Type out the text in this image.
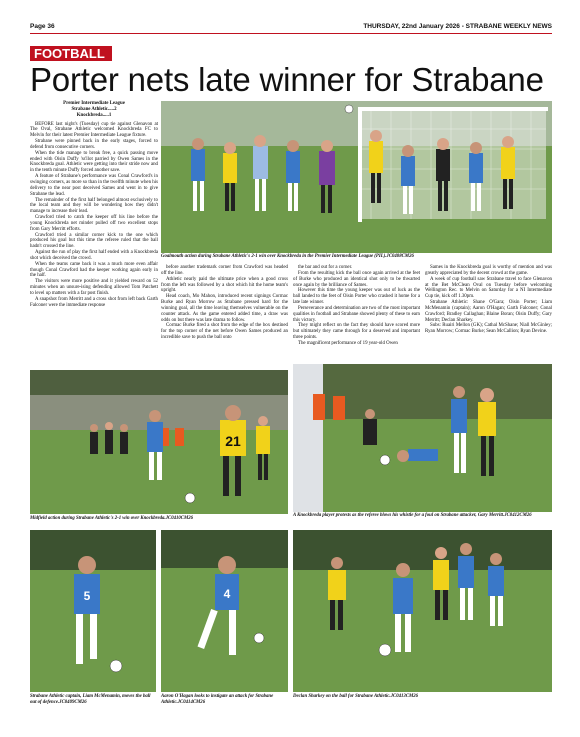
Page 36	THURSDAY, 22nd January 2026 - STRABANE WEEKLY NEWS
FOOTBALL
Porter nets late winner for Strabane

Premier Intermediate League

Strabane Athletic.....2

Knockbreda.....1

BEFORE last night's (Tuesday) cup tie against Glenavon at The Oval, Strabane Athletic welcomed Knockbreda FC to Melvin for their latest Premier Intermediate League fixture.

Strabane were pinned back in the early stages, forced to defend from consecutive corners.

When the tide manage to break free, a quick passing move ended with Oisin Duffy 'ss'llot parried by Owen Sames in the Knockbreda goal. Athletic were getting into their stride now and in the tenth minute Duffy forced another save.

A feature of Strabane's performance was Conal Crawford's in swinging corners, as more so than in the twelfth minute when his delivery to the near post deceived Sames and went in to give Strabane the lead.

The remainder of the first half belonged almost exclusively to the local team and they will be wondering how they didn't manage to increase their lead.

Crawford tried to catch the keeper off his line before the young Knockbreda net minder pulled off two excellent stops from Gary Merritt efforts.

Crawford tried a similar corner kick to the one which produced his goal but this time the referee ruled that the ball hadn't crossed the line.

Against the run of play the first half ended with a Knockbreda shot which deceived the crowd.

When the teams came back it was a much more even affair though Conal Crawford had the keeper working again early in the half.

The visitors were more positive and it yielded reward on 52 minutes when an unsure-ising defending allowed Tom Patchett to level up matters with a far post finish.

A snapshot from Merritt and a cross shot from left back Garth Falconer were the immediate response

Goalmouth action during Strabane Athletic's 2-1 win over Knockbreda in the Premier Intermediate League (PIL).JC0408CM26

before another trademark corner from Crawford was headed off the line.

Athletic nearly paid the ultimate price when a good cross from the left was followed by a shot which hit the home team's upright.

Head coach, Mo Mahon, introduced recent signings Cormac Burke and Ryan Morrow as Strabane pressed hard for the winning goal, all the time leaving themselves vulnerable on the counter attack. As the game entered added time, a draw was odds on but there was late drama to follow.

Cormac Burke fired a shot from the edge of the box destined for the top corner of the net before Owen Sames produced an incredible save to push the ball onto

the bar and out for a corner.

From the resulting kick the ball once again arrived at the feet of Burke who produced an identical shot only to be thwarted once again by the brilliance of Sames.

However this time the young keeper was out of luck as the ball landed to the feet of Oisin Porter who crashed it home for a late late winner.

Perseverance and determination are two of the most important qualities in football and Strabane showed plenty of these to earn this victory.

They might reflect on the fact they should have scored more but ultimately they came through for a deserved and important three points.

The magnificent performance of 19 year-old Owen

Sames in the Knockbreda goal is worthy of mention and was greatly appreciated by the decent crowd at the game.

A week of cup football saw Strabane travel to face Glenavon at the Bet McClean Oval on Tuesday before welcoming Wellington Rec. to Melvin on Saturday for a NI Intermediate Cup tie, kick off 1.30pm.

Strabane Athletic: Shane O'Gara; Oisin Porter; Liam McMenamin (captain); Aaron O'Hagan; Garth Falconer; Conal Crawford; Bradley Callaghan; Blaine Boran; Oisin Duffy; Gary Merritt; Declan Sharkey.

Subs: Ruairi Mellon (GK); Cathal McShane; Niall McGinley; Ryan Morrow; Cormac Burke; Sean McCallion; Ryan Devine.

21
Midfield action during Strabane Athletic's 2-1 win over Knockbreda.JC0410CM26
A Knockbreda player protests as the referee blows his whistle for a foul on Strabane attacker, Gary Merritt.JC0412CM26
5
Strabane Athletic captain, Liam McMenamin, moves the ball out of defence.JC0409CM26
4
Aaron O'Hagan looks to instigate an attack for Strabane Athletic.JC0414CM26
Declan Sharkey on the ball for Strabane Athletic.JC0413CM26
